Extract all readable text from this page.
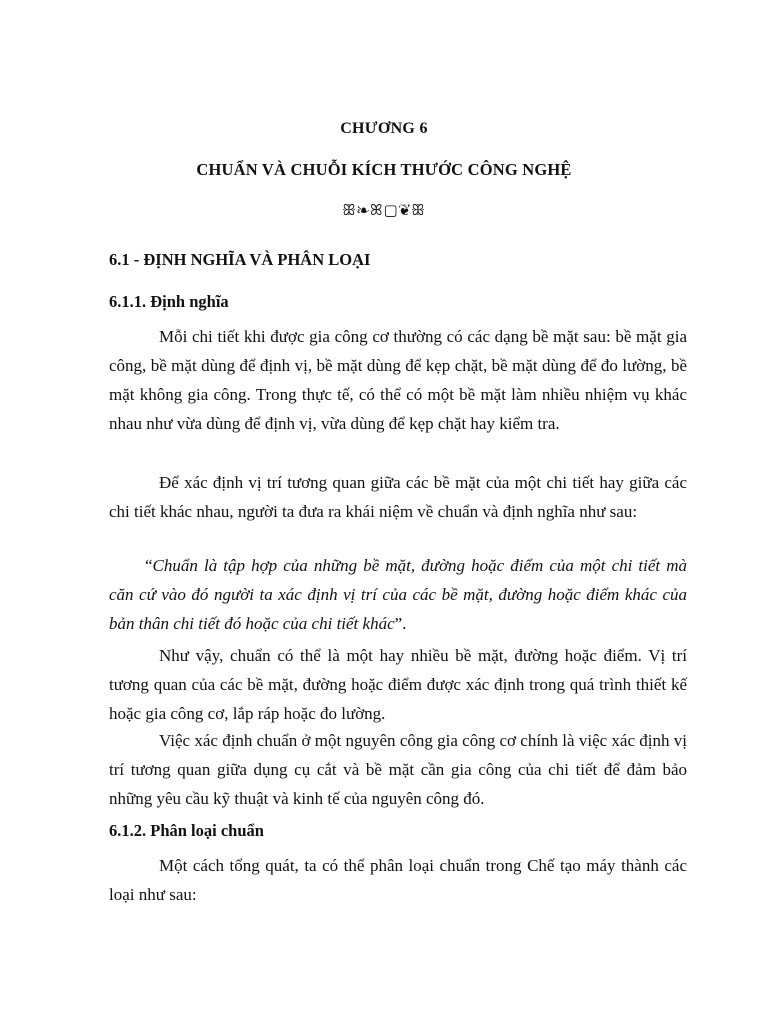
CHƯƠNG 6
CHUẨN VÀ CHUỖI KÍCH THƯỚC CÔNG NGHỆ
ꕥ❧ꕤ▢❦ꕥ
6.1 - ĐỊNH NGHĨA VÀ PHÂN LOẠI
6.1.1. Định nghĩa

Mỗi chi tiết khi được gia công cơ thường có các dạng bề mặt sau: bề mặt gia công, bề mặt dùng để định vị, bề mặt dùng để kẹp chặt, bề mặt dùng để đo lường, bề mặt không gia công. Trong thực tế, có thể có một bề mặt làm nhiều nhiệm vụ khác nhau như vừa dùng để định vị, vừa dùng để kẹp chặt hay kiểm tra.

Để xác định vị trí tương quan giữa các bề mặt của một chi tiết hay giữa các chi tiết khác nhau, người ta đưa ra khái niệm về chuẩn và định nghĩa như sau:

“Chuẩn là tập hợp của những bề mặt, đường hoặc điểm của một chi tiết mà căn cứ vào đó người ta xác định vị trí của các bề mặt, đường hoặc điểm khác của bản thân chi tiết đó hoặc của chi tiết khác”.

Như vậy, chuẩn có thể là một hay nhiều bề mặt, đường hoặc điểm. Vị trí tương quan của các bề mặt, đường hoặc điểm được xác định trong quá trình thiết kế hoặc gia công cơ, lắp ráp hoặc đo lường.

Việc xác định chuẩn ở một nguyên công gia công cơ chính là việc xác định vị trí tương quan giữa dụng cụ cắt và bề mặt cần gia công của chi tiết để đảm bảo những yêu cầu kỹ thuật và kinh tế của nguyên công đó.

6.1.2. Phân loại chuẩn

Một cách tổng quát, ta có thể phân loại chuẩn trong Chế tạo máy thành các loại như sau:
